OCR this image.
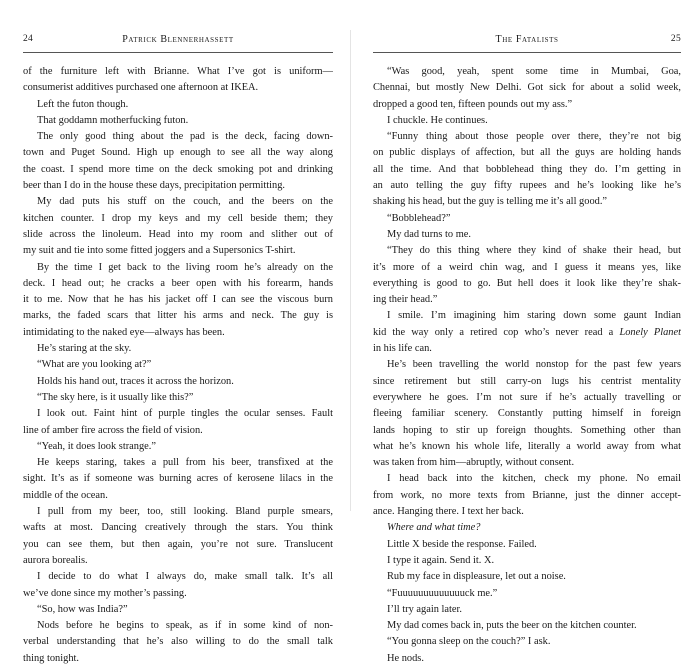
24	Patrick Blennerhassett
of the furniture left with Brianne. What I’ve got is uniform—
consumerist additives purchased one afternoon at IKEA.
Left the futon though.
That goddamn motherfucking futon.
The only good thing about the pad is the deck, facing down-
town and Puget Sound. High up enough to see all the way along
the coast. I spend more time on the deck smoking pot and drinking
beer than I do in the house these days, precipitation permitting.
My dad puts his stuff on the couch, and the beers on the
kitchen counter. I drop my keys and my cell beside them; they
slide across the linoleum. Head into my room and slither out of
my suit and tie into some fitted joggers and a Supersonics T-shirt.
By the time I get back to the living room he’s already on the
deck. I head out; he cracks a beer open with his forearm, hands
it to me. Now that he has his jacket off I can see the viscous burn
marks, the faded scars that litter his arms and neck. The guy is
intimidating to the naked eye—always has been.
He’s staring at the sky.
“What are you looking at?”
Holds his hand out, traces it across the horizon.
“The sky here, is it usually like this?”
I look out. Faint hint of purple tingles the ocular senses. Fault
line of amber fire across the field of vision.
“Yeah, it does look strange.”
He keeps staring, takes a pull from his beer, transfixed at the
sight. It’s as if someone was burning acres of kerosene lilacs in the
middle of the ocean.
I pull from my beer, too, still looking. Bland purple smears,
wafts at most. Dancing creatively through the stars. You think
you can see them, but then again, you’re not sure. Translucent
aurora borealis.
I decide to do what I always do, make small talk. It’s all
we’ve done since my mother’s passing.
“So, how was India?”
Nods before he begins to speak, as if in some kind of non-
verbal understanding that he’s also willing to do the small talk
thing tonight.
The Fatalists	25
“Was good, yeah, spent some time in Mumbai, Goa,
Chennai, but mostly New Delhi. Got sick for about a solid week,
dropped a good ten, fifteen pounds out my ass.”
I chuckle. He continues.
“Funny thing about those people over there, they’re not big
on public displays of affection, but all the guys are holding hands
all the time. And that bobblehead thing they do. I’m getting in
an auto telling the guy fifty rupees and he’s looking like he’s
shaking his head, but the guy is telling me it’s all good.”
“Bobblehead?”
My dad turns to me.
“They do this thing where they kind of shake their head, but
it’s more of a weird chin wag, and I guess it means yes, like
everything is good to go. But hell does it look like they’re shak-
ing their head.”
I smile. I’m imagining him staring down some gaunt Indian
kid the way only a retired cop who’s never read a Lonely Planet
in his life can.
He’s been travelling the world nonstop for the past few years
since retirement but still carry-on lugs his centrist mentality
everywhere he goes. I’m not sure if he’s actually travelling or
fleeing familiar scenery. Constantly putting himself in foreign
lands hoping to stir up foreign thoughts. Something other than
what he’s known his whole life, literally a world away from what
was taken from him—abruptly, without consent.
I head back into the kitchen, check my phone. No email
from work, no more texts from Brianne, just the dinner accept-
ance. Hanging there. I text her back.
Where and what time?
Little X beside the response. Failed.
I type it again. Send it. X.
Rub my face in displeasure, let out a noise.
“Fuuuuuuuuuuuuuck me.”
I’ll try again later.
My dad comes back in, puts the beer on the kitchen counter.
“You gonna sleep on the couch?” I ask.
He nods.
